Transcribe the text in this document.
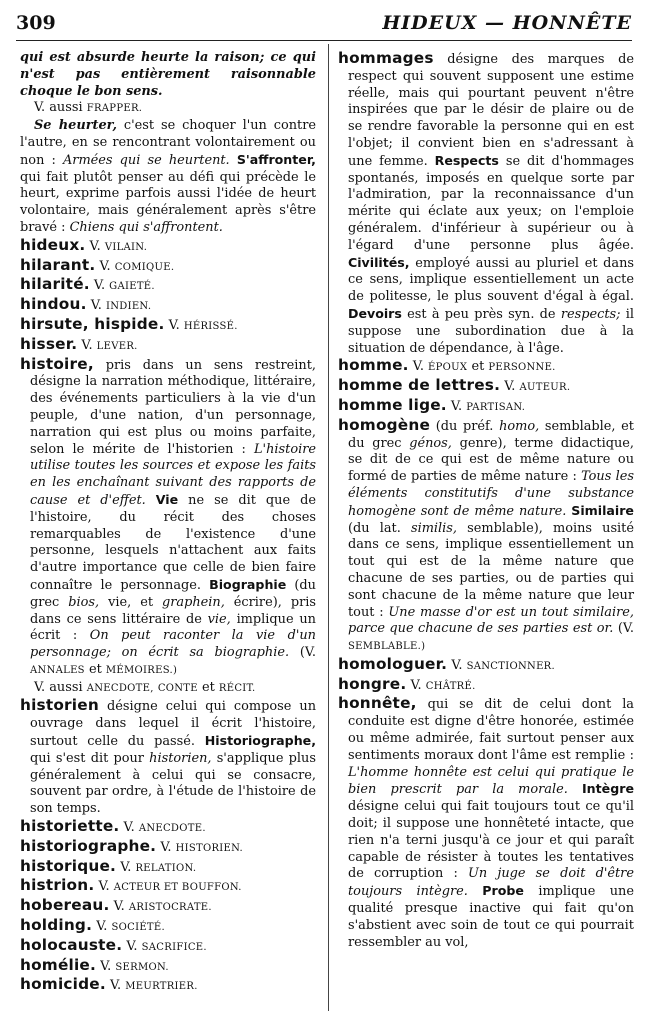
309	HIDEUX — HONNÊTE

qui est absurde heurte la raison; ce qui n'est pas entièrement raisonnable choque le bon sens.

V. aussi FRAPPER.

Se heurter, c'est se choquer l'un contre l'autre, en se rencontrant volontairement ou non : Armées qui se heurtent. S'affronter, qui fait plutôt penser au défi qui précède le heurt, exprime parfois aussi l'idée de heurt volontaire, mais généralement après s'être bravé : Chiens qui s'affrontent.

hideux. V. VILAIN.

hilarant. V. COMIQUE.

hilarité. V. GAIETÉ.

hindou. V. INDIEN.

hirsute, hispide. V. HÉRISSÉ.

hisser. V. LEVER.

histoire, pris dans un sens restreint, désigne la narration méthodique, littéraire, des événements particuliers à la vie d'un peuple, d'une nation, d'un personnage, narration qui est plus ou moins parfaite, selon le mérite de l'historien : L'histoire utilise toutes les sources et expose les faits en les enchaînant suivant des rapports de cause et d'effet. Vie ne se dit que de l'histoire, du récit des choses remarquables de l'existence d'une personne, lesquels n'attachent aux faits d'autre importance que celle de bien faire connaître le personnage. Biographie (du grec bios, vie, et graphein, écrire), pris dans ce sens littéraire de vie, implique un écrit : On peut raconter la vie d'un personnage; on écrit sa biographie. (V. ANNALES et MÉMOIRES.)

V. aussi ANECDOTE, CONTE et RÉCIT.

historien désigne celui qui compose un ouvrage dans lequel il écrit l'histoire, surtout celle du passé. Historiographe, qui s'est dit pour historien, s'applique plus généralement à celui qui se consacre, souvent par ordre, à l'étude de l'histoire de son temps.

historiette. V. ANECDOTE.

historiographe. V. HISTORIEN.

historique. V. RELATION.

histrion. V. ACTEUR ET BOUFFON.

hobereau. V. ARISTOCRATE.

holding. V. SOCIÉTÉ.

holocauste. V. SACRIFICE.

homélie. V. SERMON.

homicide. V. MEURTRIER.

hommages désigne des marques de respect qui souvent supposent une estime réelle, mais qui pourtant peuvent n'être inspirées que par le désir de plaire ou de se rendre favorable la personne qui en est l'objet; il convient bien en s'adressant à une femme. Respects se dit d'hommages spontanés, imposés en quelque sorte par l'admiration, par la reconnaissance d'un mérite qui éclate aux yeux; on l'emploie généralem. d'inférieur à supérieur ou à l'égard d'une personne plus âgée. Civilités, employé aussi au pluriel et dans ce sens, implique essentiellement un acte de politesse, le plus souvent d'égal à égal. Devoirs est à peu près syn. de respects; il suppose une subordination due à la situation de dépendance, à l'âge.

homme. V. ÉPOUX et PERSONNE.

homme de lettres. V. AUTEUR.

homme lige. V. PARTISAN.

homogène (du préf. homo, semblable, et du grec génos, genre), terme didactique, se dit de ce qui est de même nature ou formé de parties de même nature : Tous les éléments constitutifs d'une substance homogène sont de même nature. Similaire (du lat. similis, semblable), moins usité dans ce sens, implique essentiellement un tout qui est de la même nature que chacune de ses parties, ou de parties qui sont chacune de la même nature que leur tout : Une masse d'or est un tout similaire, parce que chacune de ses parties est or. (V. SEMBLABLE.)

homologuer. V. SANCTIONNER.

hongre. V. CHÂTRÉ.

honnête, qui se dit de celui dont la conduite est digne d'être honorée, estimée ou même admirée, fait surtout penser aux sentiments moraux dont l'âme est remplie : L'homme honnête est celui qui pratique le bien prescrit par la morale. Intègre désigne celui qui fait toujours tout ce qu'il doit; il suppose une honnêteté intacte, que rien n'a terni jusqu'à ce jour et qui paraît capable de résister à toutes les tentatives de corruption : Un juge se doit d'être toujours intègre. Probe implique une qualité presque inactive qui fait qu'on s'abstient avec soin de tout ce qui pourrait ressembler au vol,
